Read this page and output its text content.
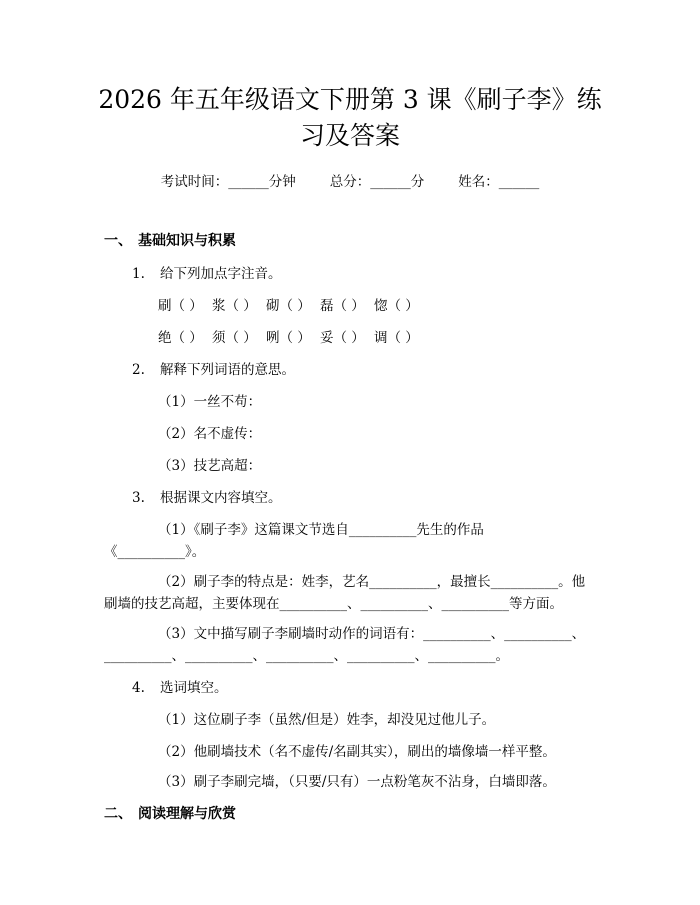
2026 年五年级语文下册第 3 课《刷子李》练
习及答案
考试时间：______分钟	总分：______分	姓名：______
一、 基础知识与积累
1. 给下列加点字注音。
刷（ ） 浆（ ） 砌（ ） 磊（ ） 惚（ ）
绝（ ） 须（ ） 咧（ ） 妥（ ） 调（ ）
2. 解释下列词语的意思。
（1）一丝不苟：
（2）名不虚传：
（3）技艺高超：
3. 根据课文内容填空。
（1）《刷子李》这篇课文节选自__________先生的作品
《__________》。
（2）刷子李的特点是：姓李，艺名__________，最擅长__________。他
刷墙的技艺高超，主要体现在__________、__________、__________等方面。
（3）文中描写刷子李刷墙时动作的词语有：__________、__________、
__________、__________、__________、__________、__________。
4. 选词填空。
（1）这位刷子李（虽然/但是）姓李，却没见过他儿子。
（2）他刷墙技术（名不虚传/名副其实），刷出的墙像墙一样平整。
（3）刷子李刷完墙，（只要/只有）一点粉笔灰不沾身，白墙即落。
二、 阅读理解与欣赏
